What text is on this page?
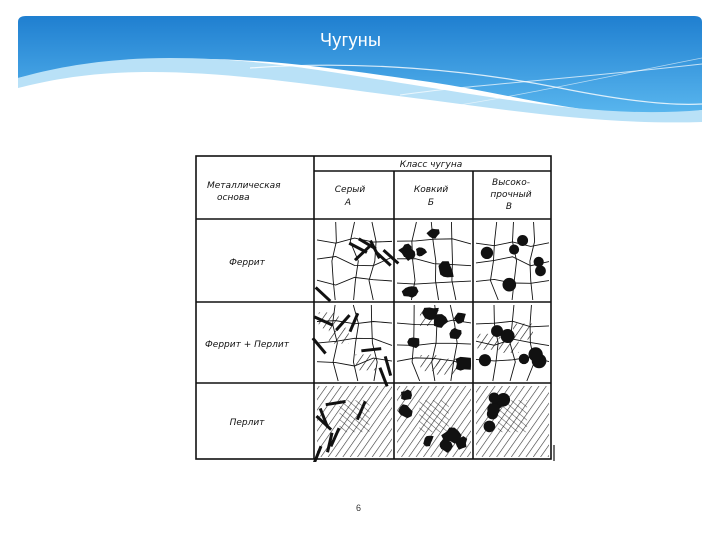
Чугуны
Класс чугуна
Металлическая
основа
Серый
А
Ковкий
Б
Высоко-
прочный
В
Феррит
Феррит + Перлит
Перлит
6
